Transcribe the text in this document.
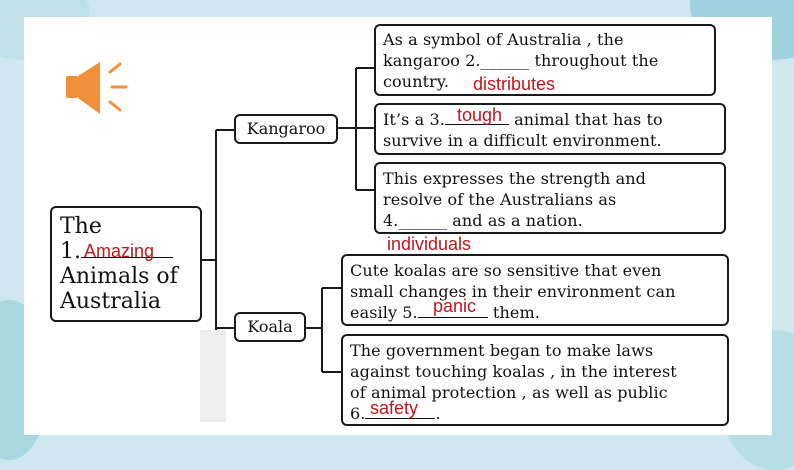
The
1. Amazing
Animals of
Australia
Kangaroo
Koala
As a symbol of Australia , the
kangaroo 2.______ throughout the
country.	distributes
It’s a 3.	animal that has to
survive in a difficult environment.
tough
This expresses the strength and
resolve of the Australians as
4.______ and as a nation.
individuals
Cute koalas are so sensitive that even
small changes in their environment can
easily 5.	them.
panic
The government began to make laws
against touching koalas , in the interest
of animal protection , as well as public
6.	.
safety
